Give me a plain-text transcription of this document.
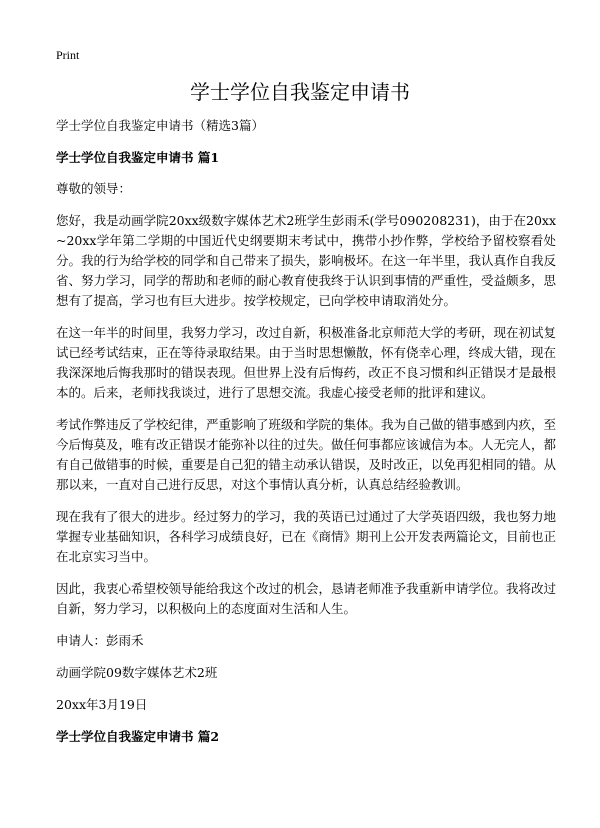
Print
学士学位自我鉴定申请书

学士学位自我鉴定申请书（精选3篇）

学士学位自我鉴定申请书 篇1

尊敬的领导：

您好，我是动画学院20xx级数字媒体艺术2班学生彭雨禾(学号090208231)，由于在20xx~20xx学年第二学期的中国近代史纲要期末考试中，携带小抄作弊，学校给予留校察看处分。我的行为给学校的同学和自己带来了损失，影响极坏。在这一年半里，我认真作自我反省、努力学习，同学的帮助和老师的耐心教育使我终于认识到事情的严重性，受益颇多，思想有了提高，学习也有巨大进步。按学校规定，已向学校申请取消处分。

在这一年半的时间里，我努力学习，改过自新，积极准备北京师范大学的考研，现在初试复试已经考试结束，正在等待录取结果。由于当时思想懒散，怀有侥幸心理，终成大错，现在我深深地后悔我那时的错误表现。但世界上没有后悔药，改正不良习惯和纠正错误才是最根本的。后来，老师找我谈过，进行了思想交流。我虚心接受老师的批评和建议。

考试作弊违反了学校纪律，严重影响了班级和学院的集体。我为自己做的错事感到内疚，至今后悔莫及，唯有改正错误才能弥补以往的过失。做任何事都应该诚信为本。人无完人，都有自己做错事的时候，重要是自己犯的错主动承认错误，及时改正，以免再犯相同的错。从那以来，一直对自己进行反思，对这个事情认真分析，认真总结经验教训。

现在我有了很大的进步。经过努力的学习，我的英语已过通过了大学英语四级，我也努力地掌握专业基础知识，各科学习成绩良好，已在《商情》期刊上公开发表两篇论文，目前也正在北京实习当中。

因此，我衷心希望校领导能给我这个改过的机会，恳请老师准予我重新申请学位。我将改过自新，努力学习，以积极向上的态度面对生活和人生。

申请人：彭雨禾

动画学院09数字媒体艺术2班

20xx年3月19日

学士学位自我鉴定申请书 篇2
